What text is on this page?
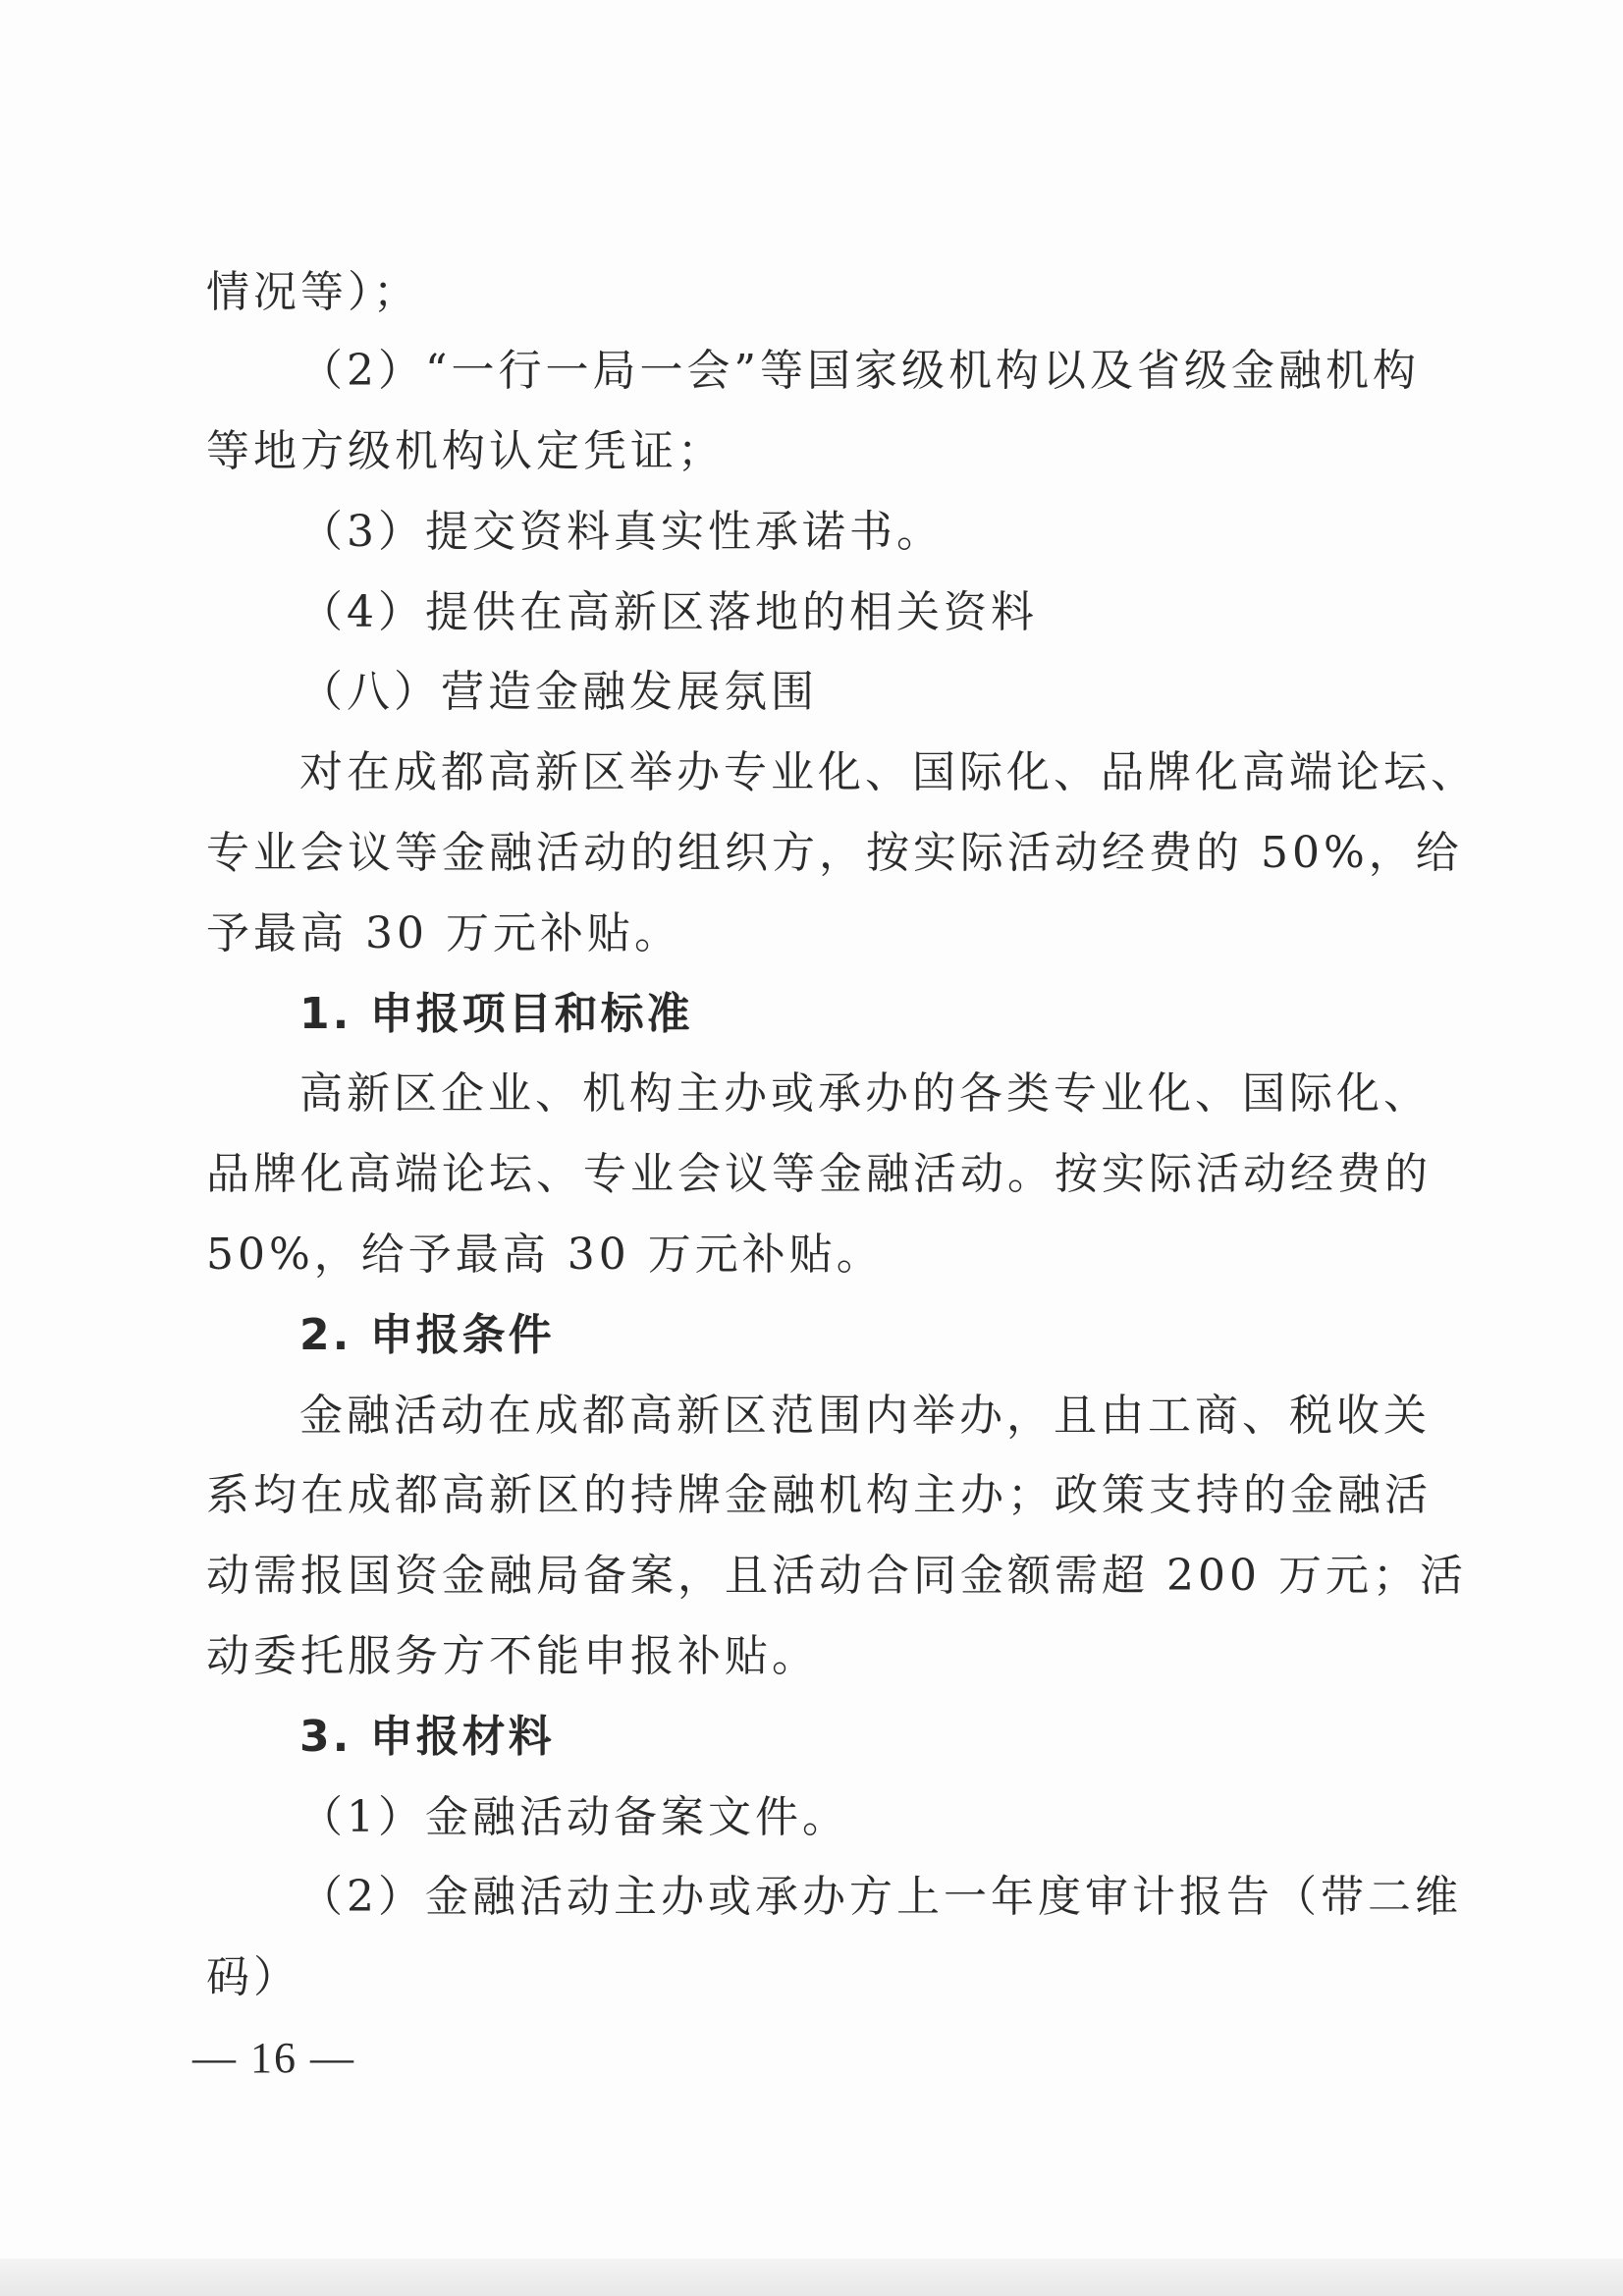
情况等）；
（2）“一行一局一会”等国家级机构以及省级金融机构
等地方级机构认定凭证；
（3）提交资料真实性承诺书。
（4）提供在高新区落地的相关资料
（八）营造金融发展氛围
对在成都高新区举办专业化、国际化、品牌化高端论坛、
专业会议等金融活动的组织方，按实际活动经费的 50%，给
予最高 30 万元补贴。
1. 申报项目和标准
高新区企业、机构主办或承办的各类专业化、国际化、
品牌化高端论坛、专业会议等金融活动。按实际活动经费的
50%，给予最高 30 万元补贴。
2. 申报条件
金融活动在成都高新区范围内举办，且由工商、税收关
系均在成都高新区的持牌金融机构主办；政策支持的金融活
动需报国资金融局备案，且活动合同金额需超 200 万元；活
动委托服务方不能申报补贴。
3. 申报材料
（1）金融活动备案文件。
（2）金融活动主办或承办方上一年度审计报告（带二维
码）
— 16 —
